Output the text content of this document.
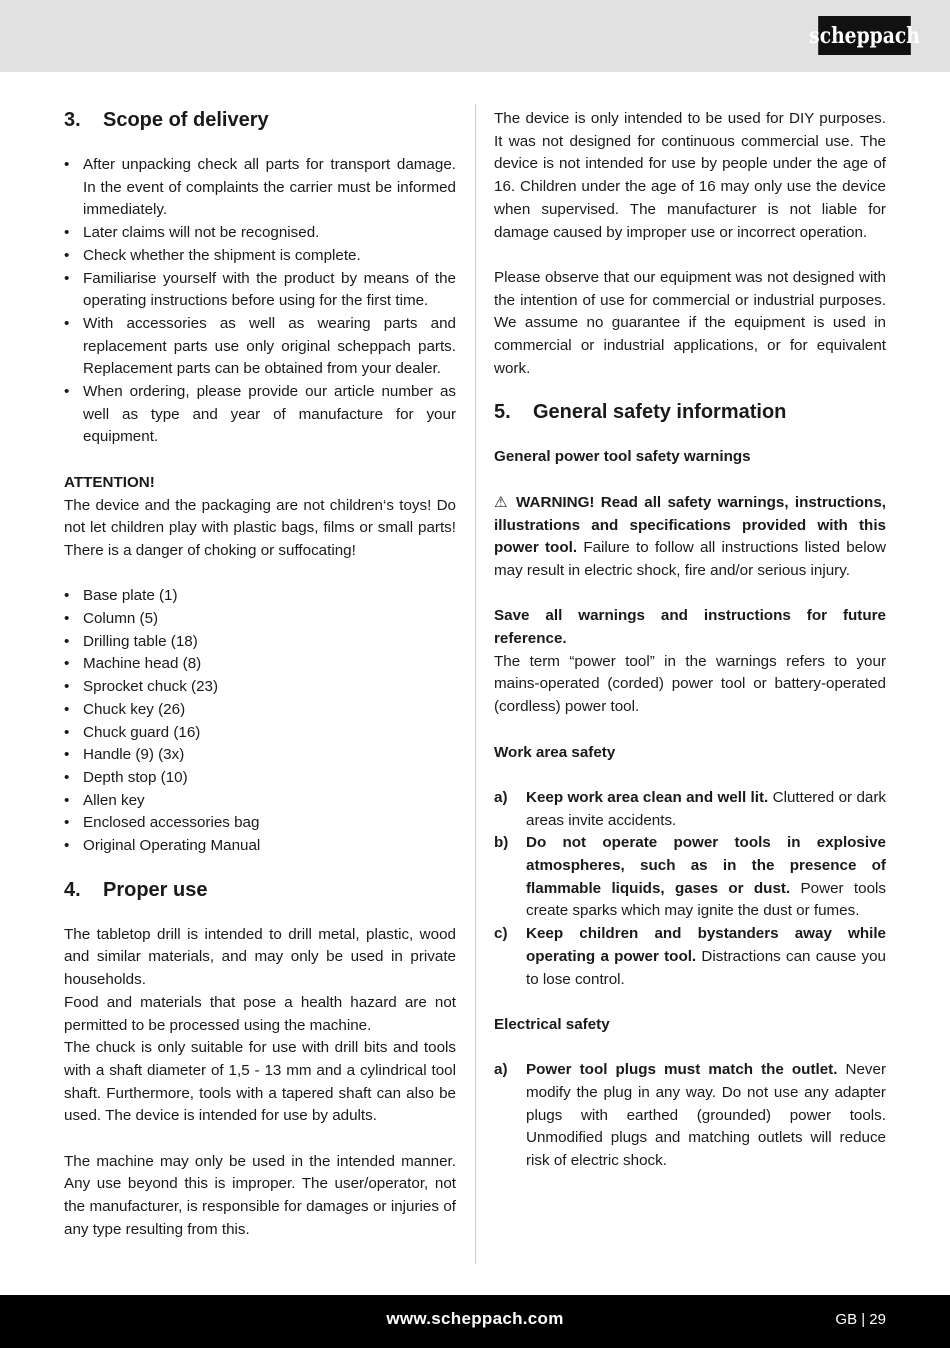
scheppach
3.	Scope of delivery
• After unpacking check all parts for transport damage. In the event of complaints the carrier must be informed immediately.
• Later claims will not be recognised.
• Check whether the shipment is complete.
• Familiarise yourself with the product by means of the operating instructions before using for the first time.
• With accessories as well as wearing parts and replacement parts use only original scheppach parts. Replacement parts can be obtained from your dealer.
• When ordering, please provide our article number as well as type and year of manufacture for your equipment.

ATTENTION!

The device and the packaging are not children‘s toys! Do not let children play with plastic bags, films or small parts! There is a danger of choking or suffocating!

• Base plate (1)
• Column (5)
• Drilling table (18)
• Machine head (8)
• Sprocket chuck (23)
• Chuck key (26)
• Chuck guard (16)
• Handle (9) (3x)
• Depth stop (10)
• Allen key
• Enclosed accessories bag
• Original Operating Manual
4.	Proper use

The tabletop drill is intended to drill metal, plastic, wood and similar materials, and may only be used in private households.

Food and materials that pose a health hazard are not permitted to be processed using the machine.

The chuck is only suitable for use with drill bits and tools with a shaft diameter of 1,5 - 13 mm and a cylindrical tool shaft. Furthermore, tools with a tapered shaft can also be used. The device is intended for use by adults.

The machine may only be used in the intended manner. Any use beyond this is improper. The user/operator, not the manufacturer, is responsible for damages or injuries of any type resulting from this.

The device is only intended to be used for DIY purposes. It was not designed for continuous commercial use. The device is not intended for use by people under the age of 16. Children under the age of 16 may only use the device when supervised. The manufacturer is not liable for damage caused by improper use or incorrect operation.

Please observe that our equipment was not designed with the intention of use for commercial or industrial purposes. We assume no guarantee if the equipment is used in commercial or industrial applications, or for equivalent work.

5.	General safety information

General power tool safety warnings

⚠ WARNING! Read all safety warnings, instructions, illustrations and specifications provided with this power tool. Failure to follow all instructions listed below may result in electric shock, fire and/or serious injury.

Save all warnings and instructions for future reference.

The term “power tool” in the warnings refers to your mains-operated (corded) power tool or battery-operated (cordless) power tool.

Work area safety

a)	Keep work area clean and well lit. Cluttered or dark areas invite accidents.
b)	Do not operate power tools in explosive atmospheres, such as in the presence of flammable liquids, gases or dust. Power tools create sparks which may ignite the dust or fumes.
c)	Keep children and bystanders away while operating a power tool. Distractions can cause you to lose control.

Electrical safety

a)	Power tool plugs must match the outlet. Never modify the plug in any way. Do not use any adapter plugs with earthed (grounded) power tools. Unmodified plugs and matching outlets will reduce risk of electric shock.
www.scheppach.com	GB | 29
